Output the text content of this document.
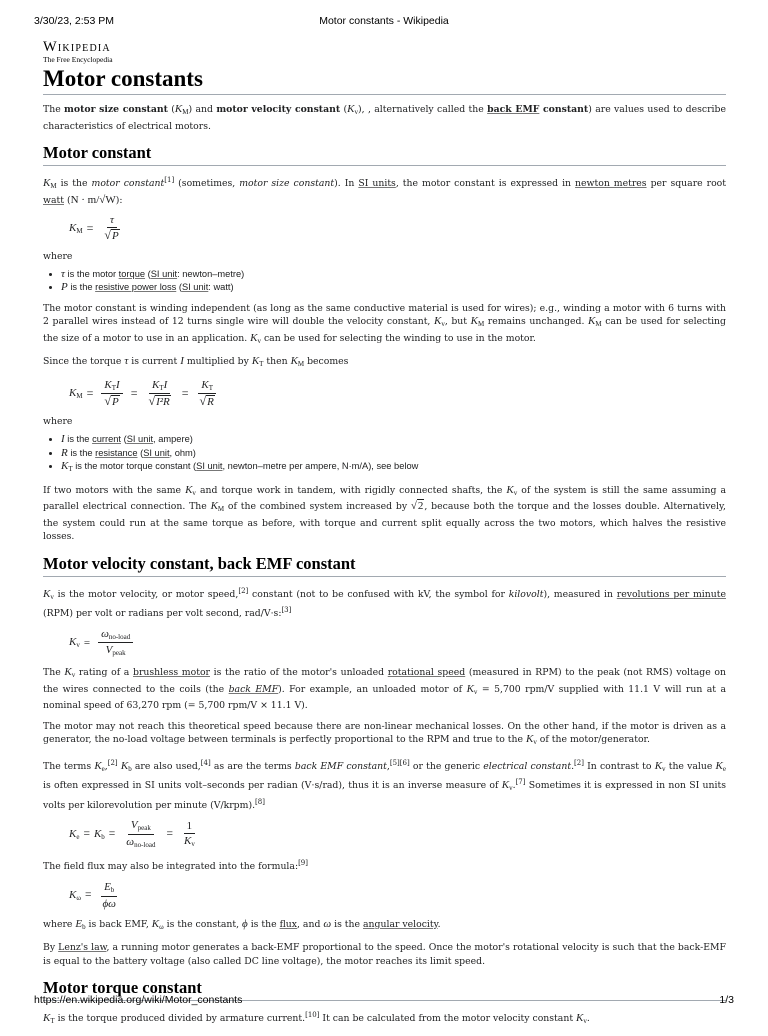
3/30/23, 2:53 PM	Motor constants - Wikipedia
Wikipedia
The Free Encyclopedia
Motor constants

The motor size constant $(K_M)$ and motor velocity constant $(K_v)$, , alternatively called the back EMF constant) are values used to describe characteristics of electrical motors.

Motor constant

$K_M$ is the motor constant[1] (sometimes, motor size constant). In SI units, the motor constant is expressed in newton metres per square root watt (N · m/√W):

$K_M = \frac{\tau}{√P}$
where
• τ is the motor torque (SI unit: newton–metre)
• P is the resistive power loss (SI unit: watt)

The motor constant is winding independent (as long as the same conductive material is used for wires); e.g., winding a motor with 6 turns with 2 parallel wires instead of 12 turns single wire will double the velocity constant, $K_v$, but $K_M$ remains unchanged. $K_M$ can be used for selecting the size of a motor to use in an application. $K_v$ can be used for selecting the winding to use in the motor.

Since the torque τ is current I multiplied by $K_T$ then $K_M$ becomes

$K_M$ =
$K_TI$
√P
=
$K_TI$
√I²R
= $\frac{K_T}{√R}$
where
• I is the current (SI unit, ampere)
• R is the resistance (SI unit, ohm)
• $K_T$ is the motor torque constant (SI unit, newton–metre per ampere, N·m/A), see below

If two motors with the same $K_v$ and torque work in tandem, with rigidly connected shafts, the $K_v$ of the system is still the same assuming a parallel electrical connection. The $K_M$ of the combined system increased by √2, because both the torque and the losses double. Alternatively, the system could run at the same torque as before, with torque and current split equally across the two motors, which halves the resistive losses.

Motor velocity constant, back EMF constant

$K_v$ is the motor velocity, or motor speed,[2] constant (not to be confused with kV, the symbol for kilovolt), measured in revolutions per minute (RPM) per volt or radians per volt second, rad/V·s:[3]

$K_v$ =
$\omega_{no-load}$
$V_{peak}$

The $K_v$ rating of a brushless motor is the ratio of the motor's unloaded rotational speed (measured in RPM) to the peak (not RMS) voltage on the wires connected to the coils (the back EMF). For example, an unloaded motor of $K_v = 5,700$ rpm/V supplied with 11.1 V will run at a nominal speed of 63,270 rpm (= 5,700 rpm/V × 11.1 V).

The motor may not reach this theoretical speed because there are non-linear mechanical losses. On the other hand, if the motor is driven as a generator, the no-load voltage between terminals is perfectly proportional to the RPM and true to the $K_v$ of the motor/generator.

The terms $K_e,[2]$ $K_b$ are also used,[4] as are the terms back EMF constant,[5][6] or the generic electrical constant.[2] In contrast to $K_v$ the value $K_e$ is often expressed in SI units volt–seconds per radian (V⋅s/rad), thus it is an inverse measure of $K_v.[7]$ Sometimes it is expressed in non SI units volts per kilorevolution per minute (V/krpm).[8]

$K_e = K_b$ =
$V_{peak}$
$\omega_{no-load}$
= $\frac{1}{K_v}$

The field flux may also be integrated into the formula:[9]

$K_\omega = \frac{E_b}{\phi\omega}$

where $E_b$ is back EMF, $K_\omega$ is the constant, ϕ is the flux, and ω is the angular velocity.

By Lenz's law, a running motor generates a back-EMF proportional to the speed. Once the motor's rotational velocity is such that the back-EMF is equal to the battery voltage (also called DC line voltage), the motor reaches its limit speed.

Motor torque constant

$K_T$ is the torque produced divided by armature current.[10] It can be calculated from the motor velocity constant $K_v$.

https://en.wikipedia.org/wiki/Motor_constants	1/3
